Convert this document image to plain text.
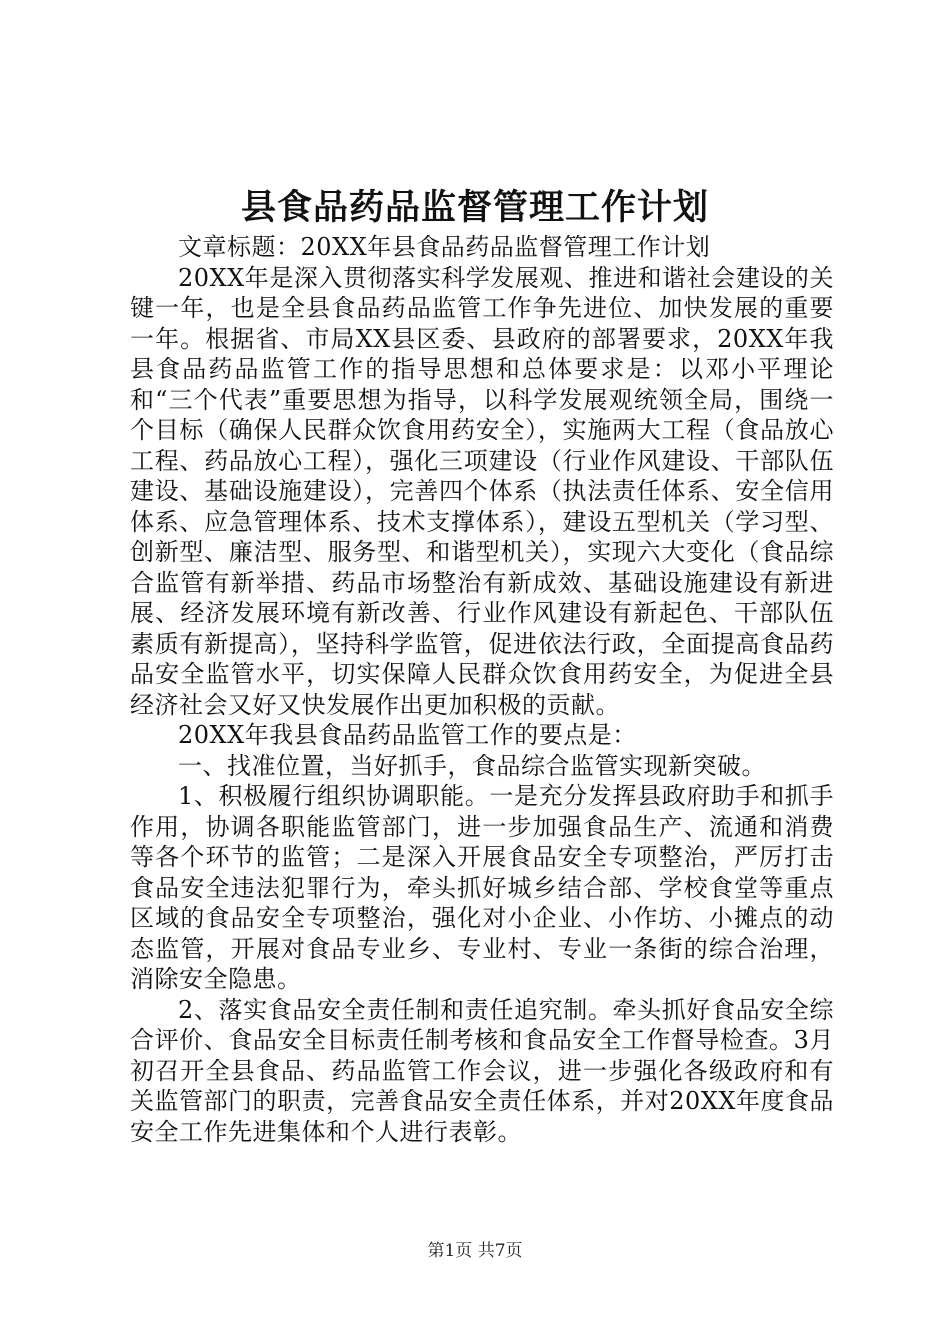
县食品药品监督管理工作计划

文章标题：20XX年县食品药品监督管理工作计划

20XX年是深入贯彻落实科学发展观、推进和谐社会建设的关键一年，也是全县食品药品监管工作争先进位、加快发展的重要一年。根据省、市局XX县区委、县政府的部署要求，20XX年我县食品药品监管工作的指导思想和总体要求是：以邓小平理论和“三个代表”重要思想为指导，以科学发展观统领全局，围绕一个目标（确保人民群众饮食用药安全），实施两大工程（食品放心工程、药品放心工程），强化三项建设（行业作风建设、干部队伍建设、基础设施建设），完善四个体系（执法责任体系、安全信用体系、应急管理体系、技术支撑体系），建设五型机关（学习型、创新型、廉洁型、服务型、和谐型机关），实现六大变化（食品综合监管有新举措、药品市场整治有新成效、基础设施建设有新进展、经济发展环境有新改善、行业作风建设有新起色、干部队伍素质有新提高），坚持科学监管，促进依法行政，全面提高食品药品安全监管水平，切实保障人民群众饮食用药安全，为促进全县经济社会又好又快发展作出更加积极的贡献。

20XX年我县食品药品监管工作的要点是：

一、找准位置，当好抓手，食品综合监管实现新突破。

1、积极履行组织协调职能。一是充分发挥县政府助手和抓手作用，协调各职能监管部门，进一步加强食品生产、流通和消费等各个环节的监管；二是深入开展食品安全专项整治，严厉打击食品安全违法犯罪行为，牵头抓好城乡结合部、学校食堂等重点区域的食品安全专项整治，强化对小企业、小作坊、小摊点的动态监管，开展对食品专业乡、专业村、专业一条街的综合治理，消除安全隐患。

2、落实食品安全责任制和责任追究制。牵头抓好食品安全综合评价、食品安全目标责任制考核和食品安全工作督导检查。3月初召开全县食品、药品监管工作会议，进一步强化各级政府和有关监管部门的职责，完善食品安全责任体系，并对20XX年度食品安全工作先进集体和个人进行表彰。

第1页 共7页
